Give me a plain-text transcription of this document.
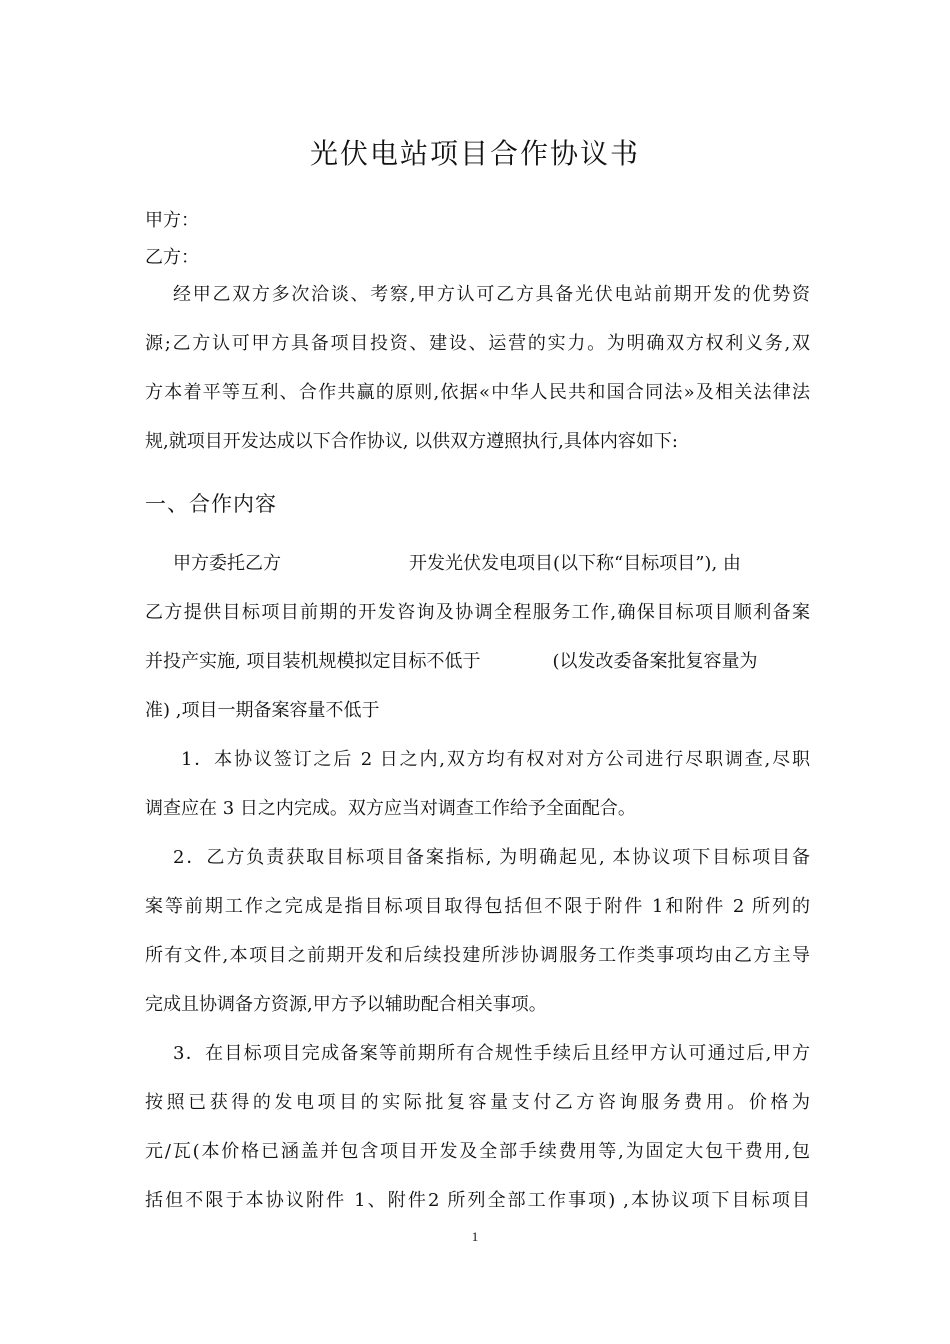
光伏电站项目合作协议书
甲方：
乙方：
经甲乙双方多次洽谈、考察,甲方认可乙方具备光伏电站前期开发的优势资
源;乙方认可甲方具备项目投资、建设、运营的实力。为明确双方权利义务,双
方本着平等互利、合作共赢的原则,依据«中华人民共和国合同法»及相关法律法
规,就项目开发达成以下合作协议, 以供双方遵照执行,具体内容如下:
一、合作内容
甲方委托乙方	开发光伏发电项目(以下称“目标项目”), 由
乙方提供目标项目前期的开发咨询及协调全程服务工作,确保目标项目顺利备案
并投产实施, 项目装机规模拟定目标不低于	(以发改委备案批复容量为
准) ,项目一期备案容量不低于
1．本协议签订之后 2 日之内,双方均有权对对方公司进行尽职调查,尽职
调查应在 3 日之内完成。双方应当对调查工作给予全面配合。
2．乙方负责获取目标项目备案指标, 为明确起见, 本协议项下目标项目备
案等前期工作之完成是指目标项目取得包括但不限于附件 1和附件 2 所列的
所有文件,本项目之前期开发和后续投建所涉协调服务工作类事项均由乙方主导
完成且协调备方资源,甲方予以辅助配合相关事项。
3．在目标项目完成备案等前期所有合规性手续后且经甲方认可通过后,甲方
按照已获得的发电项目的实际批复容量支付乙方咨询服务费用。价格为
元/瓦(本价格已涵盖并包含项目开发及全部手续费用等,为固定大包干费用,包
括但不限于本协议附件 1、附件2 所列全部工作事项) ,本协议项下目标项目
1
